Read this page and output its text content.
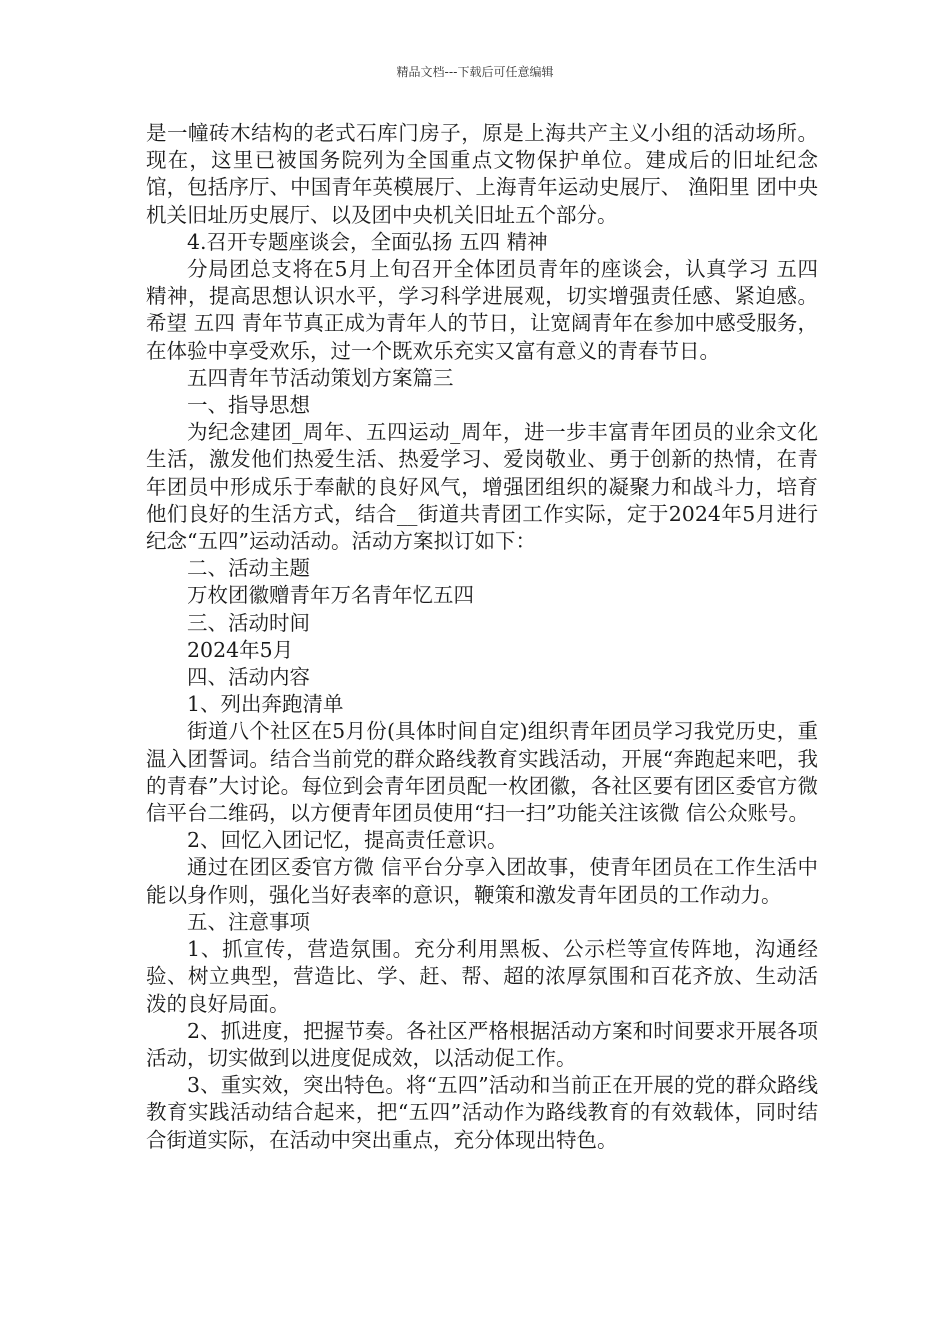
精品文档---下载后可任意编辑

是一幢砖木结构的老式石库门房子，原是上海共产主义小组的活动场所。现在，这里已被国务院列为全国重点文物保护单位。建成后的旧址纪念馆，包括序厅、中国青年英模展厅、上海青年运动史展厅、 渔阳里 团中央机关旧址历史展厅、以及团中央机关旧址五个部分。

4.召开专题座谈会，全面弘扬 五四 精神

分局团总支将在5月上旬召开全体团员青年的座谈会，认真学习 五四 精神，提高思想认识水平，学习科学进展观，切实增强责任感、紧迫感。希望 五四 青年节真正成为青年人的节日，让宽阔青年在参加中感受服务，在体验中享受欢乐，过一个既欢乐充实又富有意义的青春节日。

五四青年节活动策划方案篇三

一、指导思想

为纪念建团_周年、五四运动_周年，进一步丰富青年团员的业余文化生活，激发他们热爱生活、热爱学习、爱岗敬业、勇于创新的热情，在青年团员中形成乐于奉献的良好风气，增强团组织的凝聚力和战斗力，培育他们良好的生活方式，结合__街道共青团工作实际，定于2024年5月进行纪念“五四”运动活动。活动方案拟订如下：

二、活动主题

万枚团徽赠青年万名青年忆五四

三、活动时间

2024年5月

四、活动内容

1、列出奔跑清单

街道八个社区在5月份(具体时间自定)组织青年团员学习我党历史，重温入团誓词。结合当前党的群众路线教育实践活动，开展“奔跑起来吧，我的青春”大讨论。每位到会青年团员配一枚团徽，各社区要有团区委官方微 信平台二维码，以方便青年团员使用“扫一扫”功能关注该微 信公众账号。

2、回忆入团记忆，提高责任意识。

通过在团区委官方微 信平台分享入团故事，使青年团员在工作生活中能以身作则，强化当好表率的意识，鞭策和激发青年团员的工作动力。

五、注意事项

1、抓宣传，营造氛围。充分利用黑板、公示栏等宣传阵地，沟通经验、树立典型，营造比、学、赶、帮、超的浓厚氛围和百花齐放、生动活泼的良好局面。

2、抓进度，把握节奏。各社区严格根据活动方案和时间要求开展各项活动，切实做到以进度促成效，以活动促工作。

3、重实效，突出特色。将“五四”活动和当前正在开展的党的群众路线教育实践活动结合起来，把“五四”活动作为路线教育的有效载体，同时结合街道实际，在活动中突出重点，充分体现出特色。
